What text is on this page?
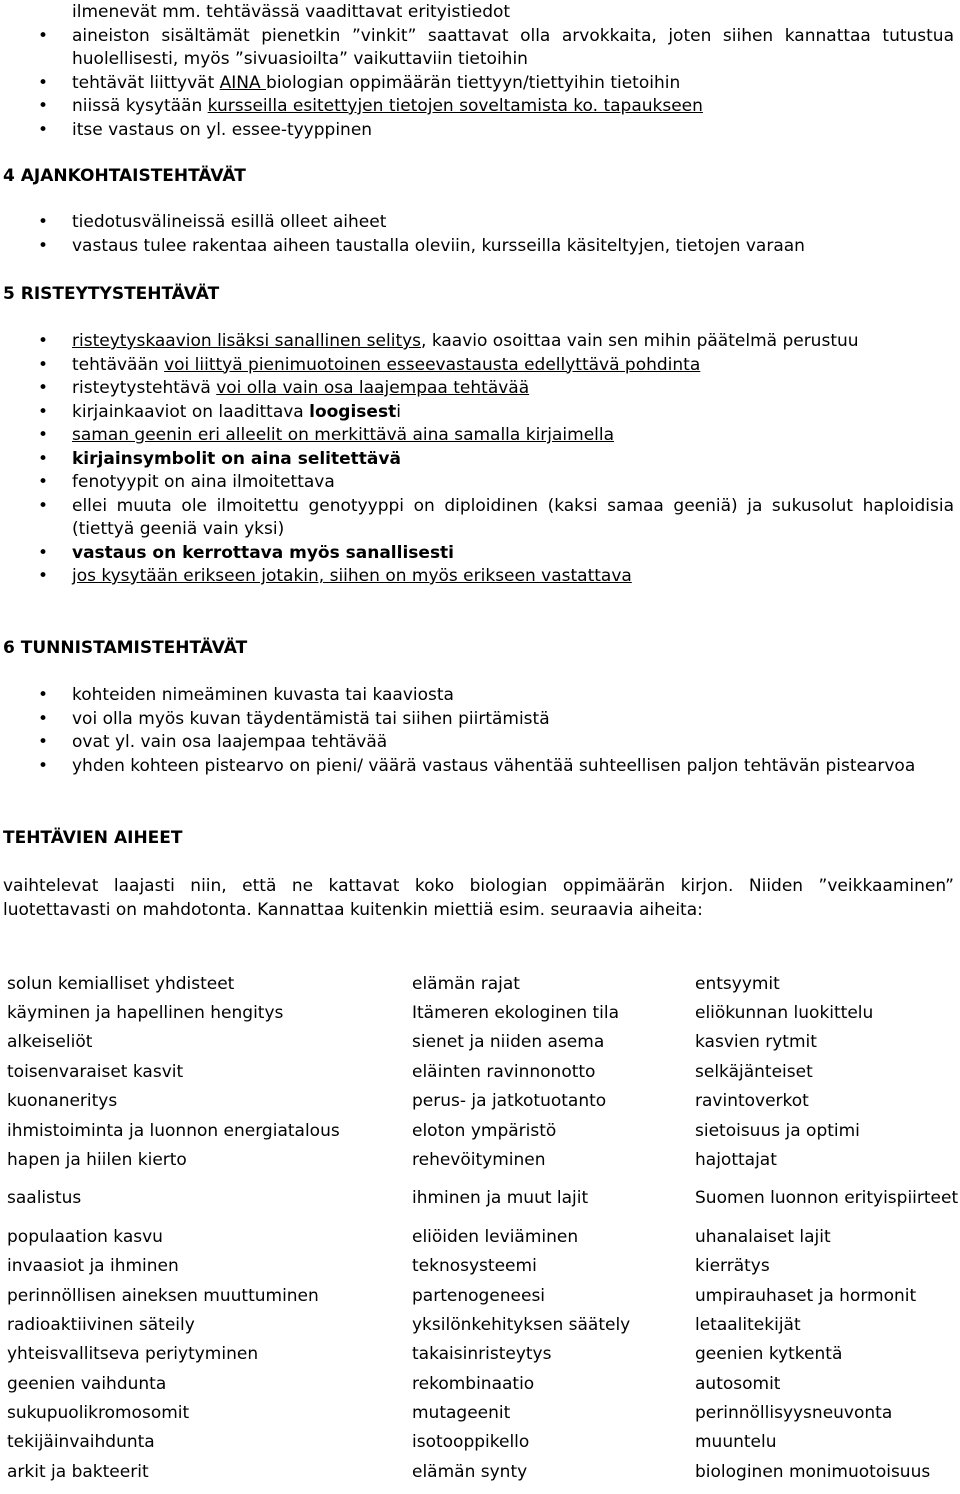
ilmenevät mm. tehtävässä vaadittavat erityistiedot
• aineiston sisältämät pienetkin ”vinkit” saattavat olla arvokkaita, joten siihen kannattaa tutustua huolellisesti, myös ”sivuasioilta” vaikuttaviin tietoihin
• tehtävät liittyvät AINA biologian oppimäärän tiettyyn/tiettyihin tietoihin
• niissä kysytään kursseilla esitettyjen tietojen soveltamista ko. tapaukseen
• itse vastaus on yl. essee-tyyppinen
4 AJANKOHTAISTEHTÄVÄT
• tiedotusvälineissä esillä olleet aiheet
• vastaus tulee rakentaa aiheen taustalla oleviin, kursseilla käsiteltyjen, tietojen varaan
5 RISTEYTYSTEHTÄVÄT
• risteytyskaavion lisäksi sanallinen selitys, kaavio osoittaa vain sen mihin päätelmä perustuu
• tehtävään voi liittyä pienimuotoinen esseevastausta edellyttävä pohdinta
• risteytystehtävä voi olla vain osa laajempaa tehtävää
• kirjainkaaviot on laadittava loogisesti
• saman geenin eri alleelit on merkittävä aina samalla kirjaimella
• kirjainsymbolit on aina selitettävä
• fenotyypit on aina ilmoitettava
• ellei muuta ole ilmoitettu genotyyppi on diploidinen (kaksi samaa geeniä) ja sukusolut haploidisia (tiettyä geeniä vain yksi)
• vastaus on kerrottava myös sanallisesti
• jos kysytään erikseen jotakin, siihen on myös erikseen vastattava
6 TUNNISTAMISTEHTÄVÄT
• kohteiden nimeäminen kuvasta tai kaaviosta
• voi olla myös kuvan täydentämistä tai siihen piirtämistä
• ovat yl. vain osa laajempaa tehtävää
• yhden kohteen pistearvo on pieni/ väärä vastaus vähentää suhteellisen paljon tehtävän pistearvoa
TEHTÄVIEN AIHEET

vaihtelevat laajasti niin, että ne kattavat koko biologian oppimäärän kirjon. Niiden ”veikkaaminen” luotettavasti on mahdotonta. Kannattaa kuitenkin miettiä esim. seuraavia aiheita:

solun kemialliset yhdisteet	elämän rajat	entsyymit
käyminen ja hapellinen hengitys	Itämeren ekologinen tila	eliökunnan luokittelu
alkeiseliöt	sienet ja niiden asema	kasvien rytmit
toisenvaraiset kasvit	eläinten ravinnonotto	selkäjänteiset
kuonaneritys	perus- ja jatkotuotanto	ravintoverkot
ihmistoiminta ja luonnon energiatalous	eloton ympäristö	sietoisuus ja optimi
hapen ja hiilen kierto	rehevöityminen	hajottajat
saalistus	ihminen ja muut lajit	Suomen luonnon erityispiirteet
populaation kasvu	eliöiden leviäminen	uhanalaiset lajit
invaasiot ja ihminen	teknosysteemi	kierrätys
perinnöllisen aineksen muuttuminen	partenogeneesi	umpirauhaset ja hormonit
radioaktiivinen säteily	yksilönkehityksen säätely	letaalitekijät
yhteisvallitseva periytyminen	takaisinristeytys	geenien kytkentä
geenien vaihdunta	rekombinaatio	autosomit
sukupuolikromosomit	mutageenit	perinnöllisyysneuvonta
tekijäinvaihdunta	isotooppikello	muuntelu
arkit ja bakteerit	elämän synty	biologinen monimuotoisuus
